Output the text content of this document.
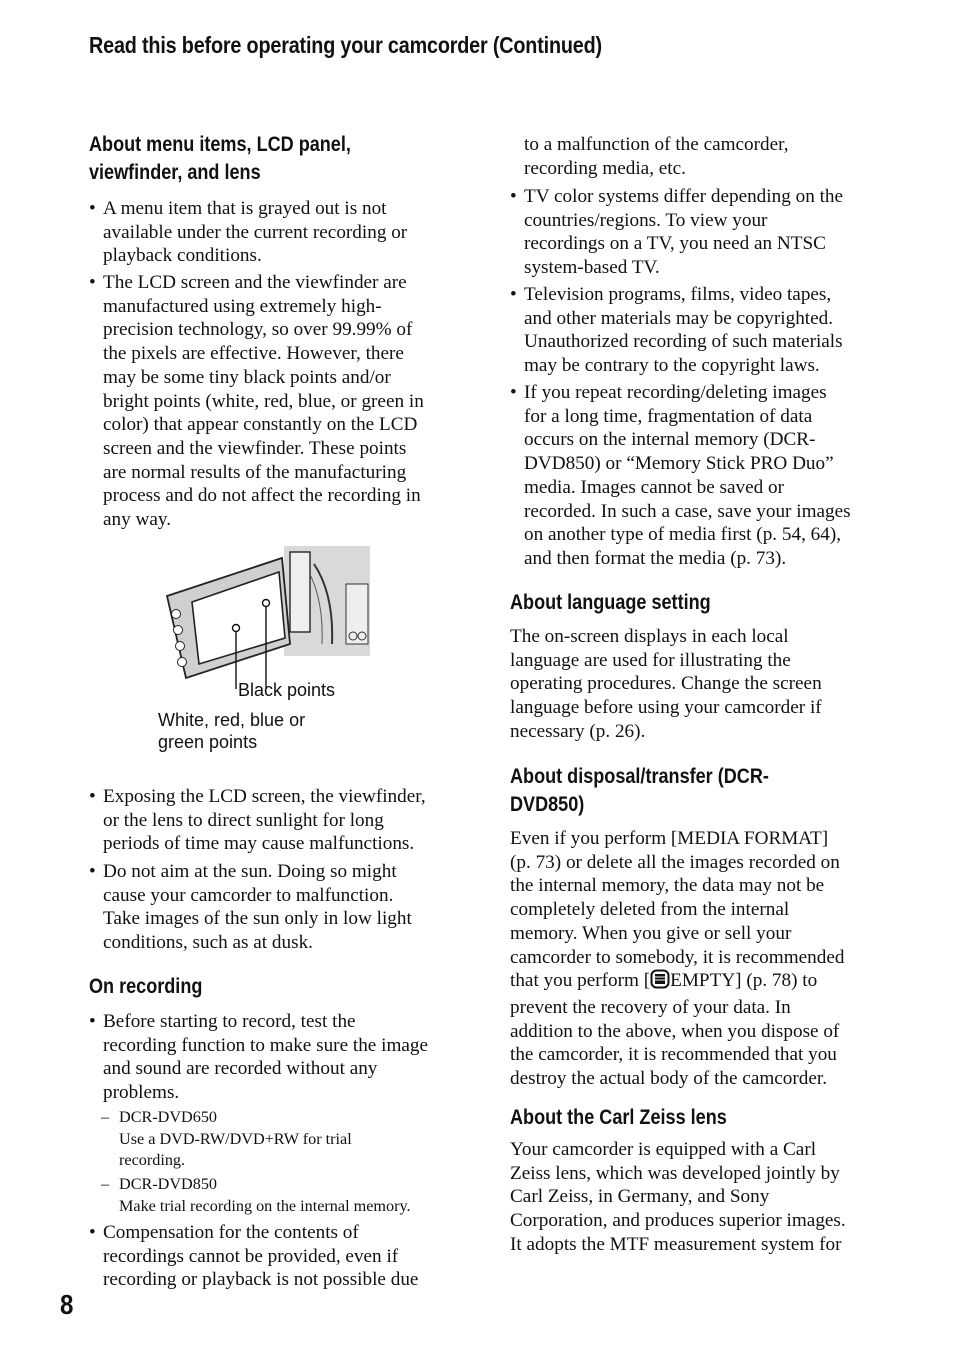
Read this before operating your camcorder (Continued)
About menu items, LCD panel,
viewfinder, and lens
• A menu item that is grayed out is not
available under the current recording or
playback conditions.
• The LCD screen and the viewfinder are
manufactured using extremely high-
precision technology, so over 99.99% of
the pixels are effective. However, there
may be some tiny black points and/or
bright points (white, red, blue, or green in
color) that appear constantly on the LCD
screen and the viewfinder. These points
are normal results of the manufacturing
process and do not affect the recording in
any way.
Black points
White, red, blue or
green points
• Exposing the LCD screen, the viewfinder,
or the lens to direct sunlight for long
periods of time may cause malfunctions.
• Do not aim at the sun. Doing so might
cause your camcorder to malfunction.
Take images of the sun only in low light
conditions, such as at dusk.
On recording
• Before starting to record, test the
recording function to make sure the image
and sound are recorded without any
problems.
– DCR-DVD650
Use a DVD-RW/DVD+RW for trial
recording.
– DCR-DVD850
Make trial recording on the internal memory.
• Compensation for the contents of
recordings cannot be provided, even if
recording or playback is not possible due
to a malfunction of the camcorder,
recording media, etc.
• TV color systems differ depending on the
countries/regions. To view your
recordings on a TV, you need an NTSC
system-based TV.
• Television programs, films, video tapes,
and other materials may be copyrighted.
Unauthorized recording of such materials
may be contrary to the copyright laws.
• If you repeat recording/deleting images
for a long time, fragmentation of data
occurs on the internal memory (DCR-
DVD850) or “Memory Stick PRO Duo”
media. Images cannot be saved or
recorded. In such a case, save your images
on another type of media first (p. 54, 64),
and then format the media (p. 73).
About language setting
The on-screen displays in each local
language are used for illustrating the
operating procedures. Change the screen
language before using your camcorder if
necessary (p. 26).
About disposal/transfer (DCR-
DVD850)
Even if you perform [MEDIA FORMAT]
(p. 73) or delete all the images recorded on
the internal memory, the data may not be
completely deleted from the internal
memory. When you give or sell your
camcorder to somebody, it is recommended
that you perform [ EMPTY] (p. 78) to
prevent the recovery of your data. In
addition to the above, when you dispose of
the camcorder, it is recommended that you
destroy the actual body of the camcorder.
About the Carl Zeiss lens
Your camcorder is equipped with a Carl
Zeiss lens, which was developed jointly by
Carl Zeiss, in Germany, and Sony
Corporation, and produces superior images.
It adopts the MTF measurement system for
8
